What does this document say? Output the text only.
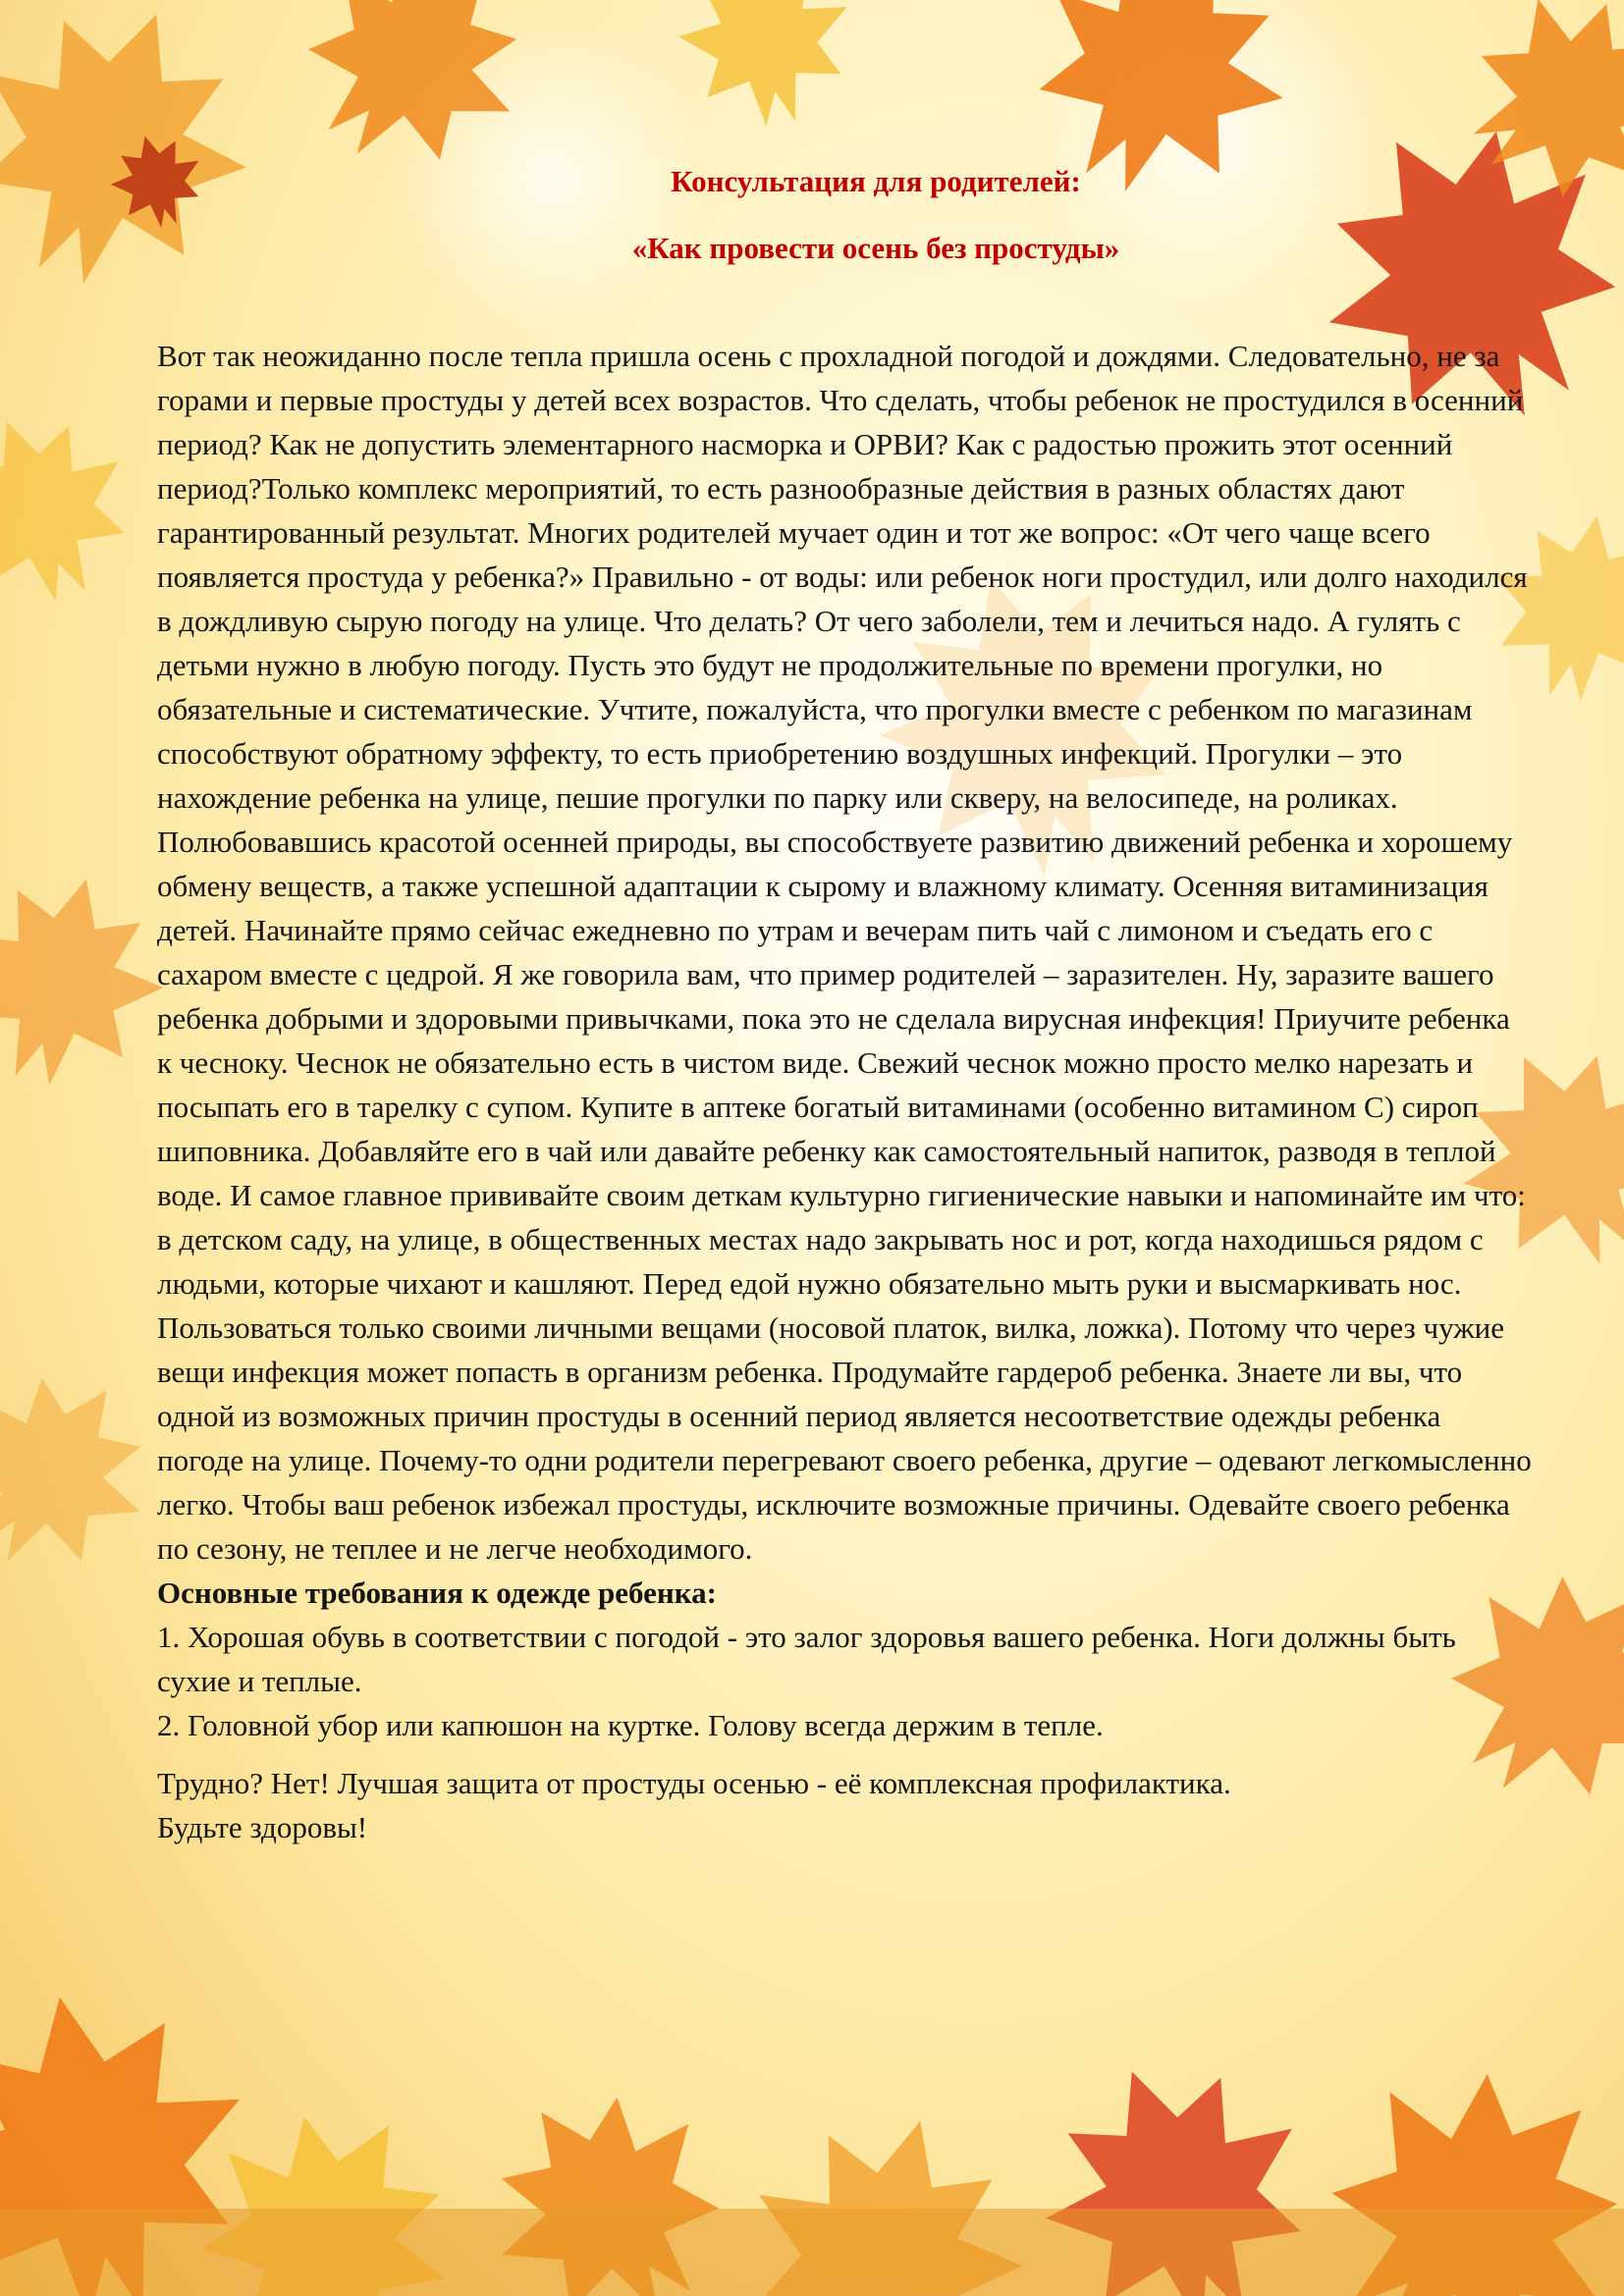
Консультация для родителей:
«Как провести осень без простуды»

Вот так неожиданно после тепла пришла осень с прохладной погодой и дождями. Следовательно, не за горами и первые простуды у детей всех возрастов. Что сделать, чтобы ребенок не простудился в осенний период? Как не допустить элементарного насморка и ОРВИ? Как с радостью прожить этот осенний период?Только комплекс мероприятий, то есть разнообразные действия в разных областях дают гарантированный результат. Многих родителей мучает один и тот же вопрос: «От чего чаще всего появляется простуда у ребенка?» Правильно - от воды: или ребенок ноги простудил, или долго находился в дождливую сырую погоду на улице. Что делать? От чего заболели, тем и лечиться надо. А гулять с детьми нужно в любую погоду. Пусть это будут не продолжительные по времени прогулки, но обязательные и систематические. Учтите, пожалуйста, что прогулки вместе с ребенком по магазинам способствуют обратному эффекту, то есть приобретению воздушных инфекций. Прогулки – это нахождение ребенка на улице, пешие прогулки по парку или скверу, на велосипеде, на роликах. Полюбовавшись красотой осенней природы, вы способствуете развитию движений ребенка и хорошему обмену веществ, а также успешной адаптации к сырому и влажному климату. Осенняя витаминизация детей. Начинайте прямо сейчас ежедневно по утрам и вечерам пить чай с лимоном и съедать его с сахаром вместе с цедрой. Я же говорила вам, что пример родителей – заразителен. Ну, заразите вашего ребенка добрыми и здоровыми привычками, пока это не сделала вирусная инфекция! Приучите ребенка к чесноку. Чеснок не обязательно есть в чистом виде. Свежий чеснок можно просто мелко нарезать и посыпать его в тарелку с супом. Купите в аптеке богатый витаминами (особенно витамином С) сироп шиповника. Добавляйте его в чай или давайте ребенку как самостоятельный напиток, разводя в теплой воде. И самое главное прививайте своим деткам культурно гигиенические навыки и напоминайте им что: в детском саду, на улице, в общественных местах надо закрывать нос и рот, когда находишься рядом с людьми, которые чихают и кашляют. Перед едой нужно обязательно мыть руки и высмаркивать нос. Пользоваться только своими личными вещами (носовой платок, вилка, ложка). Потому что через чужие вещи инфекция может попасть в организм ребенка. Продумайте гардероб ребенка. Знаете ли вы, что одной из возможных причин простуды в осенний период является несоответствие одежды ребенка погоде на улице. Почему-то одни родители перегревают своего ребенка, другие – одевают легкомысленно легко. Чтобы ваш ребенок избежал простуды, исключите возможные причины. Одевайте своего ребенка по сезону, не теплее и не легче необходимого.

Основные требования к одежде ребенка:

1. Хорошая обувь в соответствии с погодой - это залог здоровья вашего ребенка. Ноги должны быть сухие и теплые.

2. Головной убор или капюшон на куртке. Голову всегда держим в тепле.

Трудно? Нет! Лучшая защита от простуды осенью - её комплексная профилактика.

Будьте здоровы!
